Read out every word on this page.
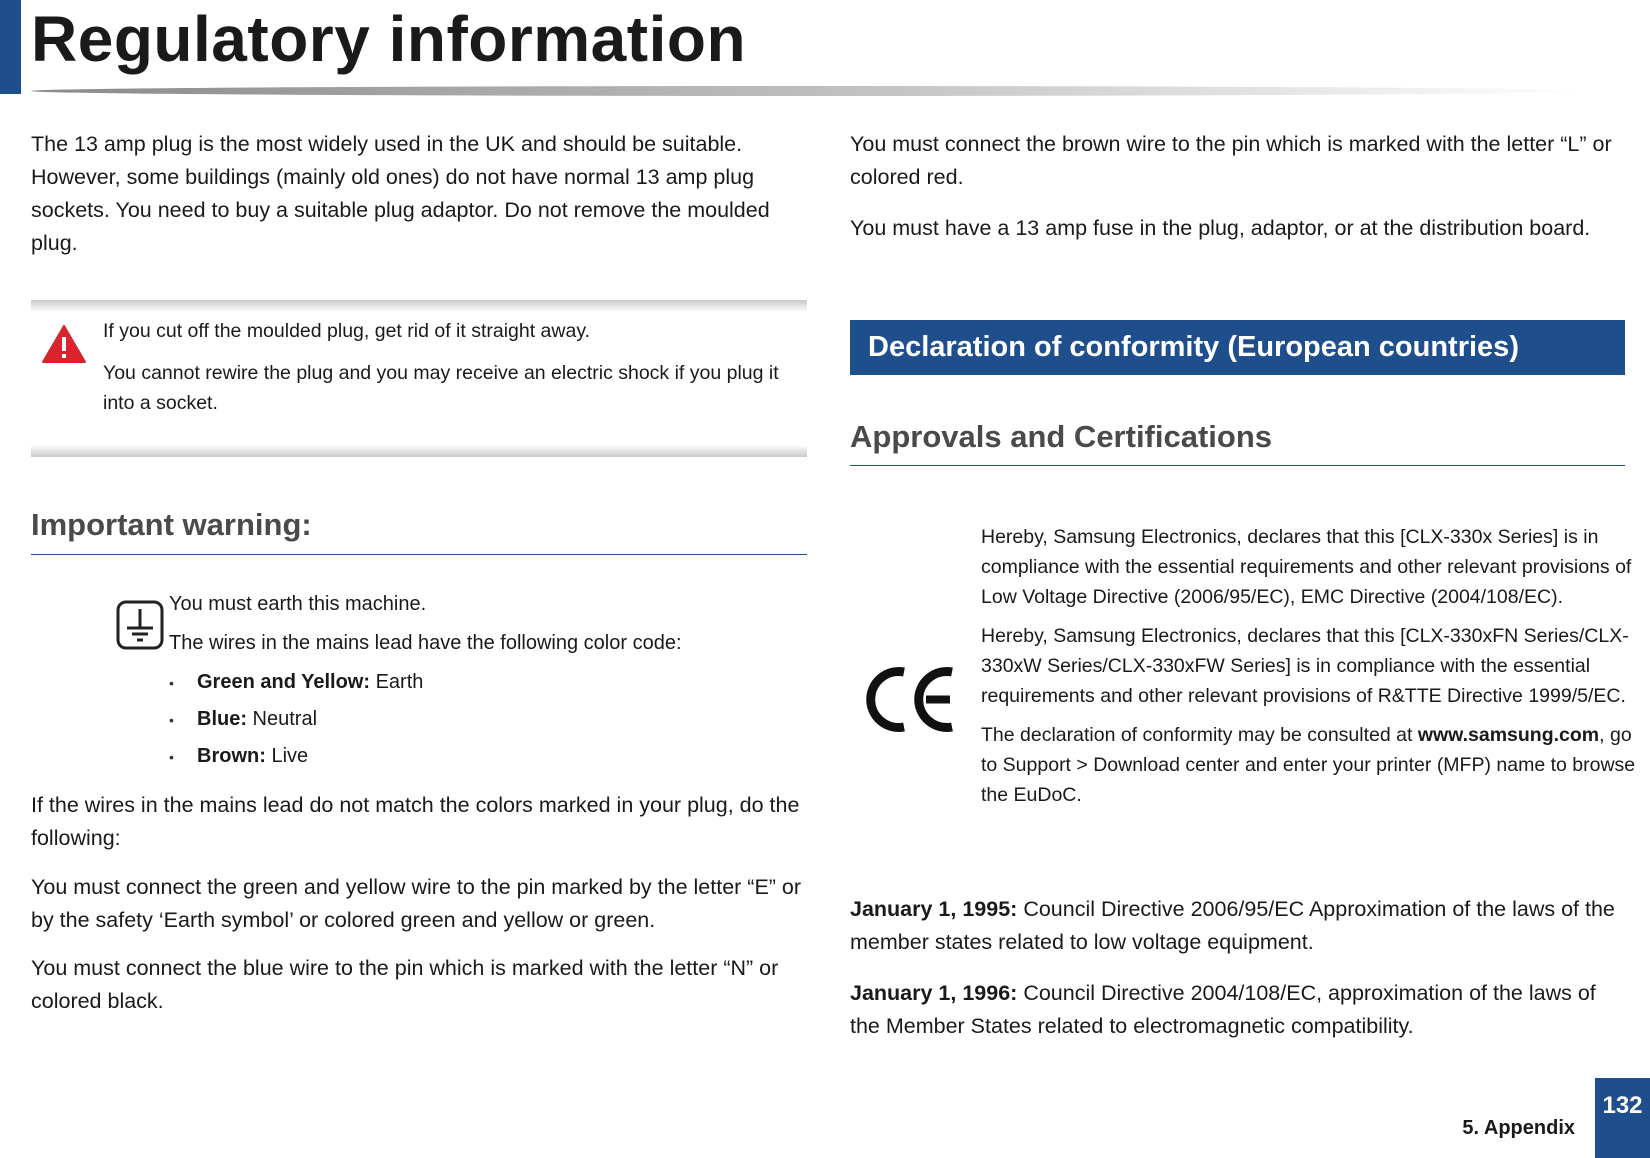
Regulatory information

The 13 amp plug is the most widely used in the UK and should be suitable. However, some buildings (mainly old ones) do not have normal 13 amp plug sockets. You need to buy a suitable plug adaptor. Do not remove the moulded plug.

If you cut off the moulded plug, get rid of it straight away.

You cannot rewire the plug and you may receive an electric shock if you plug it into a socket.

Important warning:

You must earth this machine.

The wires in the mains lead have the following color code:

•	Green and Yellow: Earth
•	Blue: Neutral
•	Brown: Live

If the wires in the mains lead do not match the colors marked in your plug, do the following:

You must connect the green and yellow wire to the pin marked by the letter “E” or by the safety ‘Earth symbol’ or colored green and yellow or green.

You must connect the blue wire to the pin which is marked with the letter “N” or colored black.

You must connect the brown wire to the pin which is marked with the letter “L” or colored red.

You must have a 13 amp fuse in the plug, adaptor, or at the distribution board.

Declaration of conformity (European countries)
Approvals and Certifications

Hereby, Samsung Electronics, declares that this [CLX-330x Series] is in compliance with the essential requirements and other relevant provisions of Low Voltage Directive (2006/95/EC), EMC Directive (2004/108/EC).

Hereby, Samsung Electronics, declares that this [CLX-330xFN Series/CLX-330xW Series/CLX-330xFW Series] is in compliance with the essential requirements and other relevant provisions of R&TTE Directive 1999/5/EC.

The declaration of conformity may be consulted at www.samsung.com, go to Support > Download center and enter your printer (MFP) name to browse the EuDoC.

January 1, 1995: Council Directive 2006/95/EC Approximation of the laws of the member states related to low voltage equipment.

January 1, 1996: Council Directive 2004/108/EC, approximation of the laws of the Member States related to electromagnetic compatibility.

5. Appendix
132
